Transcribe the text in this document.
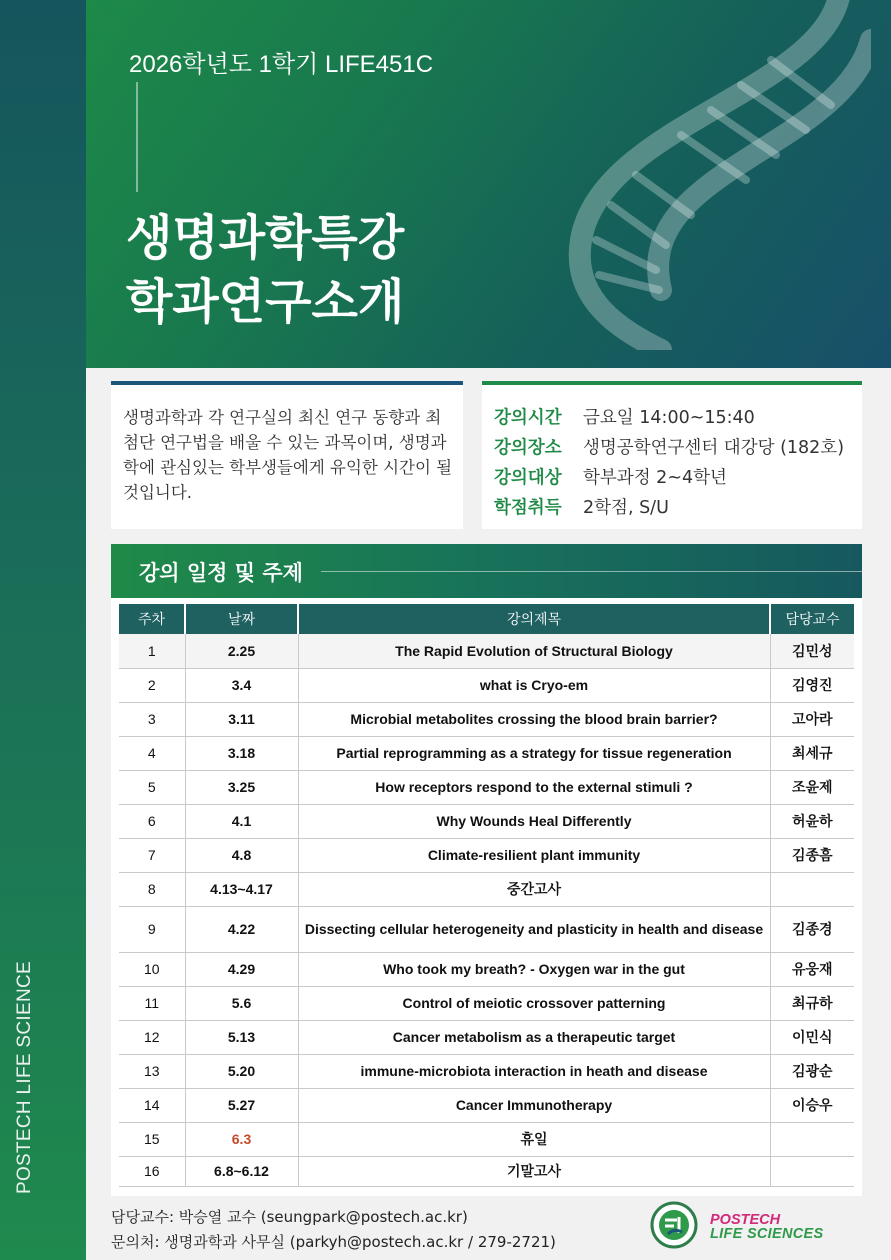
POSTECH LIFE SCIENCE
2026학년도 1학기 LIFE451C
생명과학특강
학과연구소개

생명과학과 각 연구실의 최신 연구 동향과 최첨단 연구법을 배울 수 있는 과목이며, 생명과학에 관심있는 학부생들에게 유익한 시간이 될 것입니다.

강의시간	금요일 14:00~15:40
강의장소	생명공학연구센터 대강당 (182호)
강의대상	학부과정 2~4학년
학점취득	2학점, S/U
강의 일정 및 주제
주차	날짜	강의제목	담당교수
1	2.25	The Rapid Evolution of Structural Biology	김민성
2	3.4	what is Cryo-em	김영진
3	3.11	Microbial metabolites crossing the blood brain barrier?	고아라
4	3.18	Partial reprogramming as a strategy for tissue regeneration	최세규
5	3.25	How receptors respond to the external stimuli ?	조윤제
6	4.1	Why Wounds Heal Differently	허윤하
7	4.8	Climate-resilient plant immunity	김종흠
8	4.13~4.17	중간고사	
9	4.22	Dissecting cellular heterogeneity and plasticity in health and disease	김종경
10	4.29	Who took my breath? - Oxygen war in the gut	유웅재
11	5.6	Control of meiotic crossover patterning	최규하
12	5.13	Cancer metabolism as a therapeutic target	이민식
13	5.20	immune-microbiota interaction in heath and disease	김광순
14	5.27	Cancer Immunotherapy	이승우
15	6.3	휴일	
16	6.8~6.12	기말고사	
담당교수: 박승열 교수 (seungpark@postech.ac.kr)
문의처: 생명과학과 사무실 (parkyh@postech.ac.kr / 279-2721)
POSTECH
LIFE SCIENCES
